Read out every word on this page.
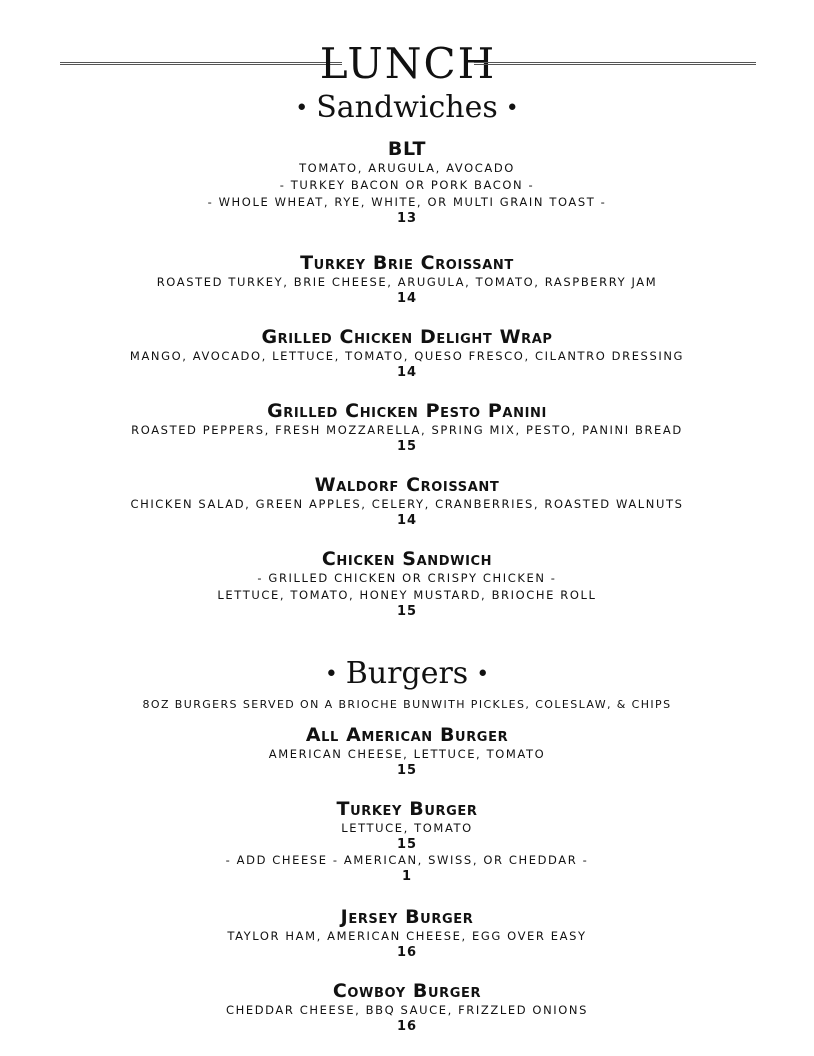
LUNCH
• Sandwiches •
BLT
TOMATO, ARUGULA, AVOCADO
- TURKEY BACON OR PORK BACON -
- WHOLE WHEAT, RYE, WHITE, OR MULTI GRAIN TOAST -
13
Turkey Brie Croissant
ROASTED TURKEY, BRIE CHEESE, ARUGULA, TOMATO, RASPBERRY JAM
14
Grilled Chicken Delight Wrap
MANGO, AVOCADO, LETTUCE, TOMATO, QUESO FRESCO, CILANTRO DRESSING
14
Grilled Chicken Pesto Panini
ROASTED PEPPERS, FRESH MOZZARELLA, SPRING MIX, PESTO, PANINI BREAD
15
Waldorf Croissant
CHICKEN SALAD, GREEN APPLES, CELERY, CRANBERRIES, ROASTED WALNUTS
14
Chicken Sandwich
- GRILLED CHICKEN OR CRISPY CHICKEN -
LETTUCE, TOMATO, HONEY MUSTARD, BRIOCHE ROLL
15
• Burgers •
8OZ BURGERS SERVED ON A BRIOCHE BUNWITH PICKLES, COLESLAW, & CHIPS
All American Burger
AMERICAN CHEESE, LETTUCE, TOMATO
15
Turkey Burger
LETTUCE, TOMATO
15
- ADD CHEESE - AMERICAN, SWISS, OR CHEDDAR -
1
Jersey Burger
TAYLOR HAM, AMERICAN CHEESE, EGG OVER EASY
16
Cowboy Burger
CHEDDAR CHEESE, BBQ SAUCE, FRIZZLED ONIONS
16
